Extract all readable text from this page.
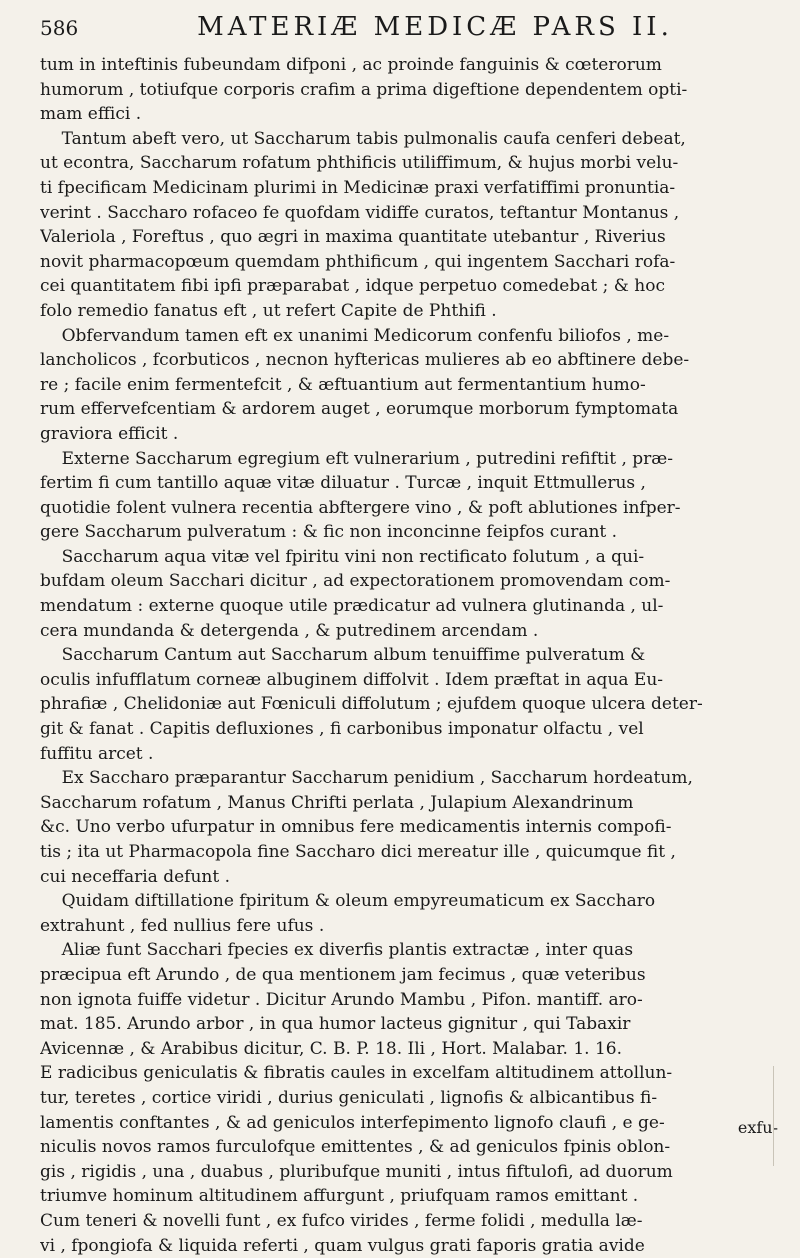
586	MATERIÆ MEDICÆ PARS II.
tum in inteftinis fubeundam difponi , ac proinde fanguinis & cœterorum
humorum , totiufque corporis crafim a prima digeftione dependentem opti-
mam effici .
Tantum abeft vero, ut Saccharum tabis pulmonalis caufa cenferi debeat,
ut econtra, Saccharum rofatum phthificis utiliffimum, & hujus morbi velu-
ti fpecificam Medicinam plurimi in Medicinæ praxi verfatiffimi pronuntia-
verint . Saccharo rofaceo fe quofdam vidiffe curatos, teftantur Montanus ,
Valeriola , Foreftus , quo ægri in maxima quantitate utebantur , Riverius
novit pharmacopœum quemdam phthificum , qui ingentem Sacchari rofa-
cei quantitatem fibi ipfi præparabat , idque perpetuo comedebat ; & hoc
folo remedio fanatus eft , ut refert Capite de Phthifi .
Obfervandum tamen eft ex unanimi Medicorum confenfu biliofos , me-
lancholicos , fcorbuticos , necnon hyftericas mulieres ab eo abftinere debe-
re ; facile enim fermentefcit , & æftuantium aut fermentantium humo-
rum effervefcentiam & ardorem auget , eorumque morborum fymptomata
graviora efficit .
Externe Saccharum egregium eft vulnerarium , putredini refiftit , præ-
fertim fi cum tantillo aquæ vitæ diluatur . Turcæ , inquit Ettmullerus ,
quotidie folent vulnera recentia abftergere vino , & poft ablutiones infper-
gere Saccharum pulveratum : & fic non inconcinne feipfos curant .
Saccharum aqua vitæ vel fpiritu vini non rectificato folutum , a qui-
bufdam oleum Sacchari dicitur , ad expectorationem promovendam com-
mendatum : externe quoque utile prædicatur ad vulnera glutinanda , ul-
cera mundanda & detergenda , & putredinem arcendam .
Saccharum Cantum aut Saccharum album tenuiffime pulveratum &
oculis infufflatum corneæ albuginem diffolvit . Idem præftat in aqua Eu-
phrafiæ , Chelidoniæ aut Fœniculi diffolutum ; ejufdem quoque ulcera deter-
git & fanat . Capitis defluxiones , fi carbonibus imponatur olfactu , vel
fuffitu arcet .
Ex Saccharo præparantur Saccharum penidium , Saccharum hordeatum,
Saccharum rofatum , Manus Chrifti perlata , Julapium Alexandrinum
&c. Uno verbo ufurpatur in omnibus fere medicamentis internis compofi-
tis ; ita ut Pharmacopola fine Saccharo dici mereatur ille , quicumque fit ,
cui neceffaria defunt .
Quidam diftillatione fpiritum & oleum empyreumaticum ex Saccharo
extrahunt , fed nullius fere ufus .
Aliæ funt Sacchari fpecies ex diverfis plantis extractæ , inter quas
præcipua eft Arundo , de qua mentionem jam fecimus , quæ veteribus
non ignota fuiffe videtur . Dicitur Arundo Mambu , Pifon. mantiff. aro-
mat. 185. Arundo arbor , in qua humor lacteus gignitur , qui Tabaxir
Avicennæ , & Arabibus dicitur, C. B. P. 18. Ili , Hort. Malabar. 1. 16.
E radicibus geniculatis & fibratis caules in excelfam altitudinem attollun-
tur, teretes , cortice viridi , durius geniculati , lignofis & albicantibus fi-
lamentis conftantes , & ad geniculos interfepimento lignofo claufi , e ge-
niculis novos ramos furculofque emittentes , & ad geniculos fpinis oblon-
gis , rigidis , una , duabus , pluribufque muniti , intus fiftulofi, ad duorum
triumve hominum altitudinem affurgunt , priufquam ramos emittant .
Cum teneri & novelli funt , ex fufco virides , ferme folidi , medulla læ-
vi , fpongiofa & liquida referti , quam vulgus grati faporis gratia avide
exfu-
